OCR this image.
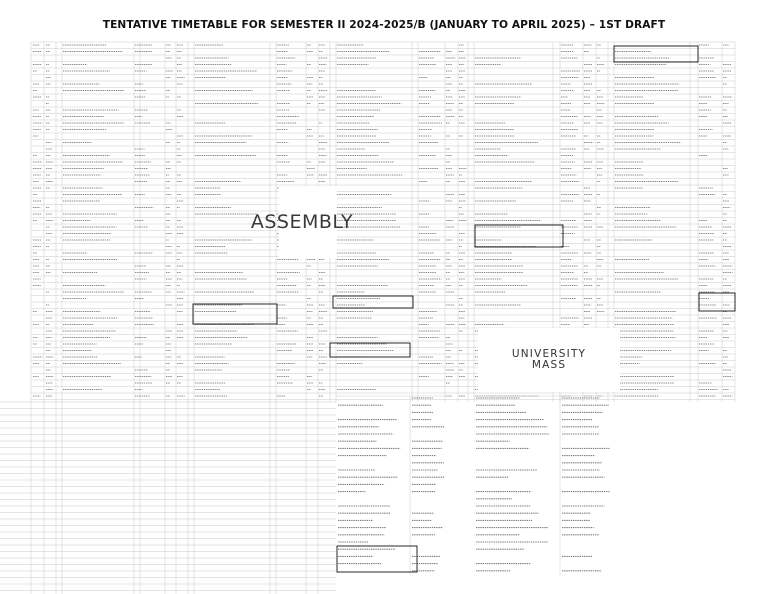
TENTATIVE TIMETABLE FOR SEMESTER II 2024-2025/B (JANUARY TO APRIL 2025) – 1ST DRAFT
ASSEMBLY
UNIVERSITY
MASS
